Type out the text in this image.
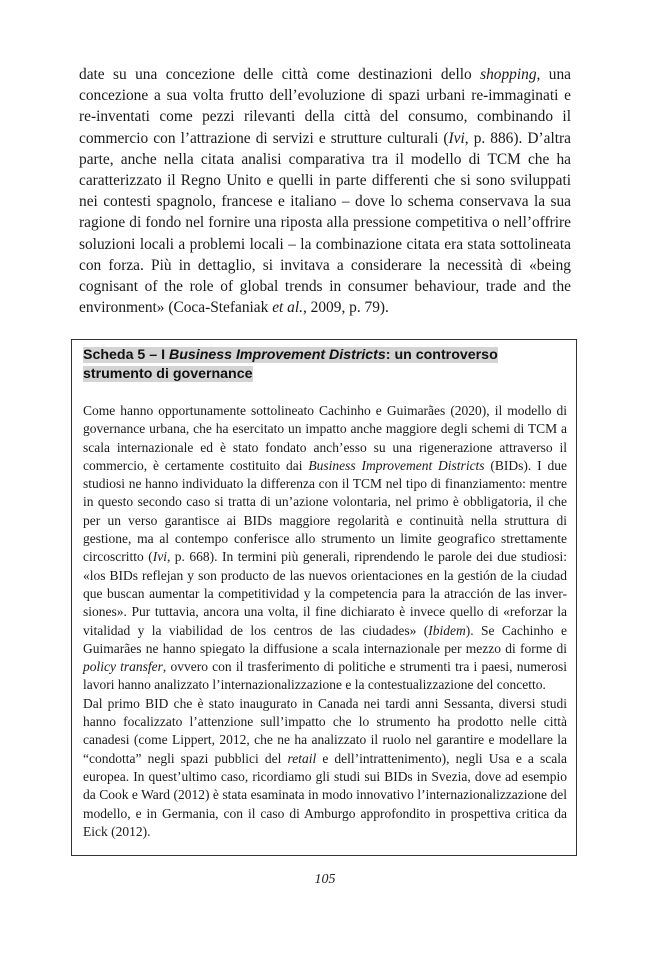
date su una concezione delle città come destinazioni dello shopping, una concezione a sua volta frutto dell’evoluzione di spazi urbani re-immaginati e re-inventati come pezzi rilevanti della città del consumo, combinando il commercio con l’attrazione di servizi e strutture culturali (Ivi, p. 886). D’altra parte, anche nella citata analisi comparativa tra il modello di TCM che ha caratterizzato il Regno Unito e quelli in parte differenti che si sono sviluppati nei contesti spagnolo, francese e italiano – dove lo schema conservava la sua ragione di fondo nel fornire una riposta alla pressione competitiva o nell’offrire soluzioni locali a problemi locali – la combinazione citata era stata sottolineata con forza. Più in dettaglio, si invitava a considerare la necessità di «being cognisant of the role of global trends in consumer behaviour, trade and the environment» (Coca-Stefaniak et al., 2009, p. 79).

Scheda 5 – I Business Improvement Districts: un controverso strumento di governance

Come hanno opportunamente sottolineato Cachinho e Guimarães (2020), il modello di governance urbana, che ha esercitato un impatto anche maggiore degli schemi di TCM a scala internazionale ed è stato fondato anch’esso su una rigenerazione attraverso il commercio, è certamente costituito dai Business Improvement Districts (BIDs). I due studiosi ne hanno individuato la differenza con il TCM nel tipo di finanziamento: mentre in questo secondo caso si tratta di un’azione volontaria, nel primo è obbligatoria, il che per un verso garantisce ai BIDs maggiore regolarità e continuità nella struttura di gestione, ma al contempo conferisce allo strumento un limite geografico strettamente circoscritto (Ivi, p. 668). In termini più generali, riprendendo le parole dei due studiosi: «los BIDs reflejan y son producto de las nuevos orientaciones en la gestión de la ciudad que buscan aumentar la competitividad y la competencia para la atracción de las inver-siones». Pur tuttavia, ancora una volta, il fine dichiarato è invece quello di «reforzar la vitalidad y la viabilidad de los centros de las ciudades» (Ibidem). Se Cachinho e Guimarães ne hanno spiegato la diffusione a scala internazionale per mezzo di forme di policy transfer, ovvero con il trasferimento di politiche e strumenti tra i paesi, numerosi lavori hanno analizzato l’internazionalizzazione e la contestualizzazione del concetto.

Dal primo BID che è stato inaugurato in Canada nei tardi anni Sessanta, diversi studi hanno focalizzato l’attenzione sull’impatto che lo strumento ha prodotto nelle città canadesi (come Lippert, 2012, che ne ha analizzato il ruolo nel garantire e modellare la “condotta” negli spazi pubblici del retail e dell’intrattenimento), negli Usa e a scala europea. In quest’ultimo caso, ricordiamo gli studi sui BIDs in Svezia, dove ad esempio da Cook e Ward (2012) è stata esaminata in modo innovativo l’internazionalizzazione del modello, e in Germania, con il caso di Amburgo approfondito in prospettiva critica da Eick (2012).

105
